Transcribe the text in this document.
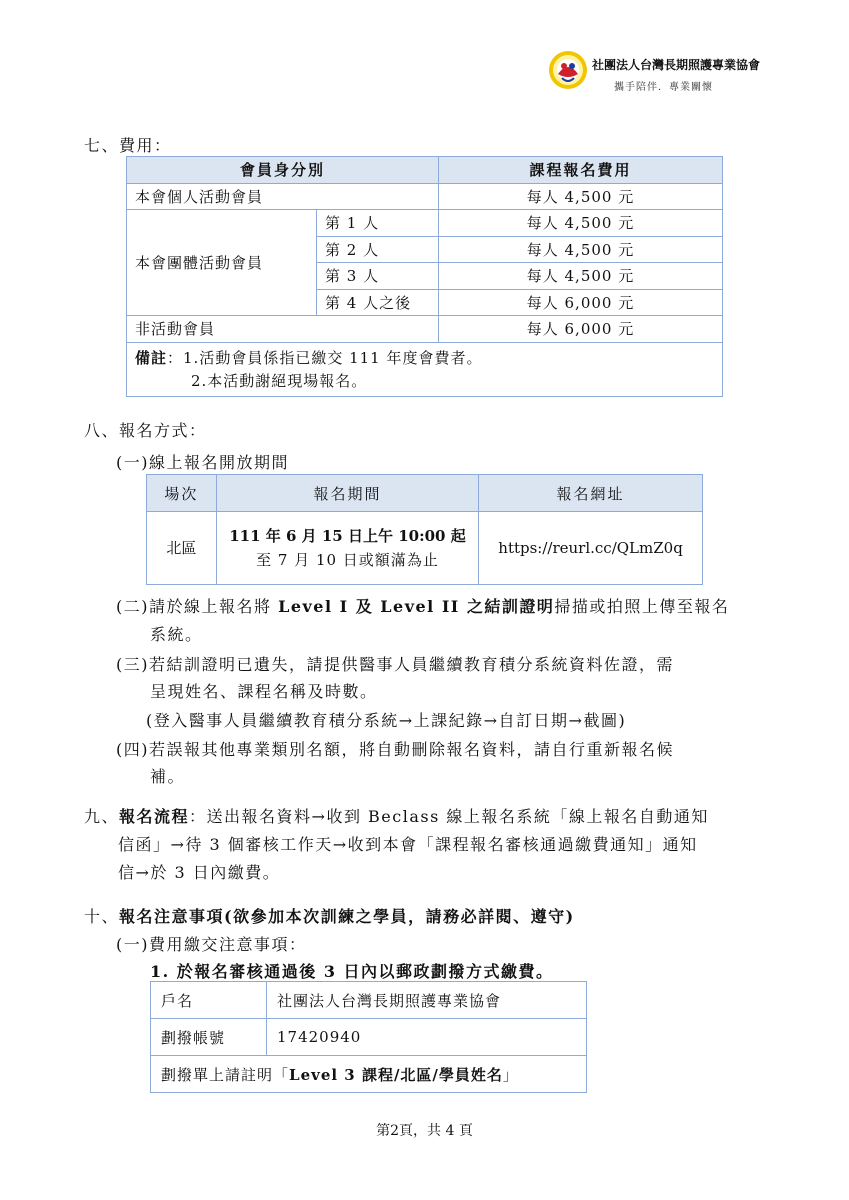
社團法人台灣長期照護專業協會
攜手陪伴．專業關懷
七、費用：
會員身分別		課程報名費用
本會個人活動會員		每人 4,500 元
本會團體活動會員	第 1 人	每人 4,500 元
	第 2 人	每人 4,500 元
	第 3 人	每人 4,500 元
	第 4 人之後	每人 6,000 元
非活動會員		每人 6,000 元

備註：1.活動會員係指已繳交 111 年度會費者。
2.本活動謝絕現場報名。		
八、報名方式：
(一)線上報名開放期間
場次	報名期間	報名網址
北區	111 年 6 月 15 日上午 10:00 起
至 7 月 10 日或額滿為止	https://reurl.cc/QLmZ0q
(二)請於線上報名將 Level I 及 Level II 之結訓證明掃描或拍照上傳至報名
系統。
(三)若結訓證明已遺失，請提供醫事人員繼續教育積分系統資料佐證，需
呈現姓名、課程名稱及時數。
(登入醫事人員繼續教育積分系統→上課紀錄→自訂日期→截圖)
(四)若誤報其他專業類別名額，將自動刪除報名資料，請自行重新報名候
補。
九、報名流程：送出報名資料→收到 Beclass 線上報名系統「線上報名自動通知
信函」→待 3 個審核工作天→收到本會「課程報名審核通過繳費通知」通知
信→於 3 日內繳費。
十、報名注意事項(欲參加本次訓練之學員，請務必詳閱、遵守)
(一)費用繳交注意事項：
1. 於報名審核通過後 3 日內以郵政劃撥方式繳費。
戶名	社團法人台灣長期照護專業協會
劃撥帳號	17420940
劃撥單上請註明「Level 3 課程/北區/學員姓名」	
第2頁，共 4 頁
